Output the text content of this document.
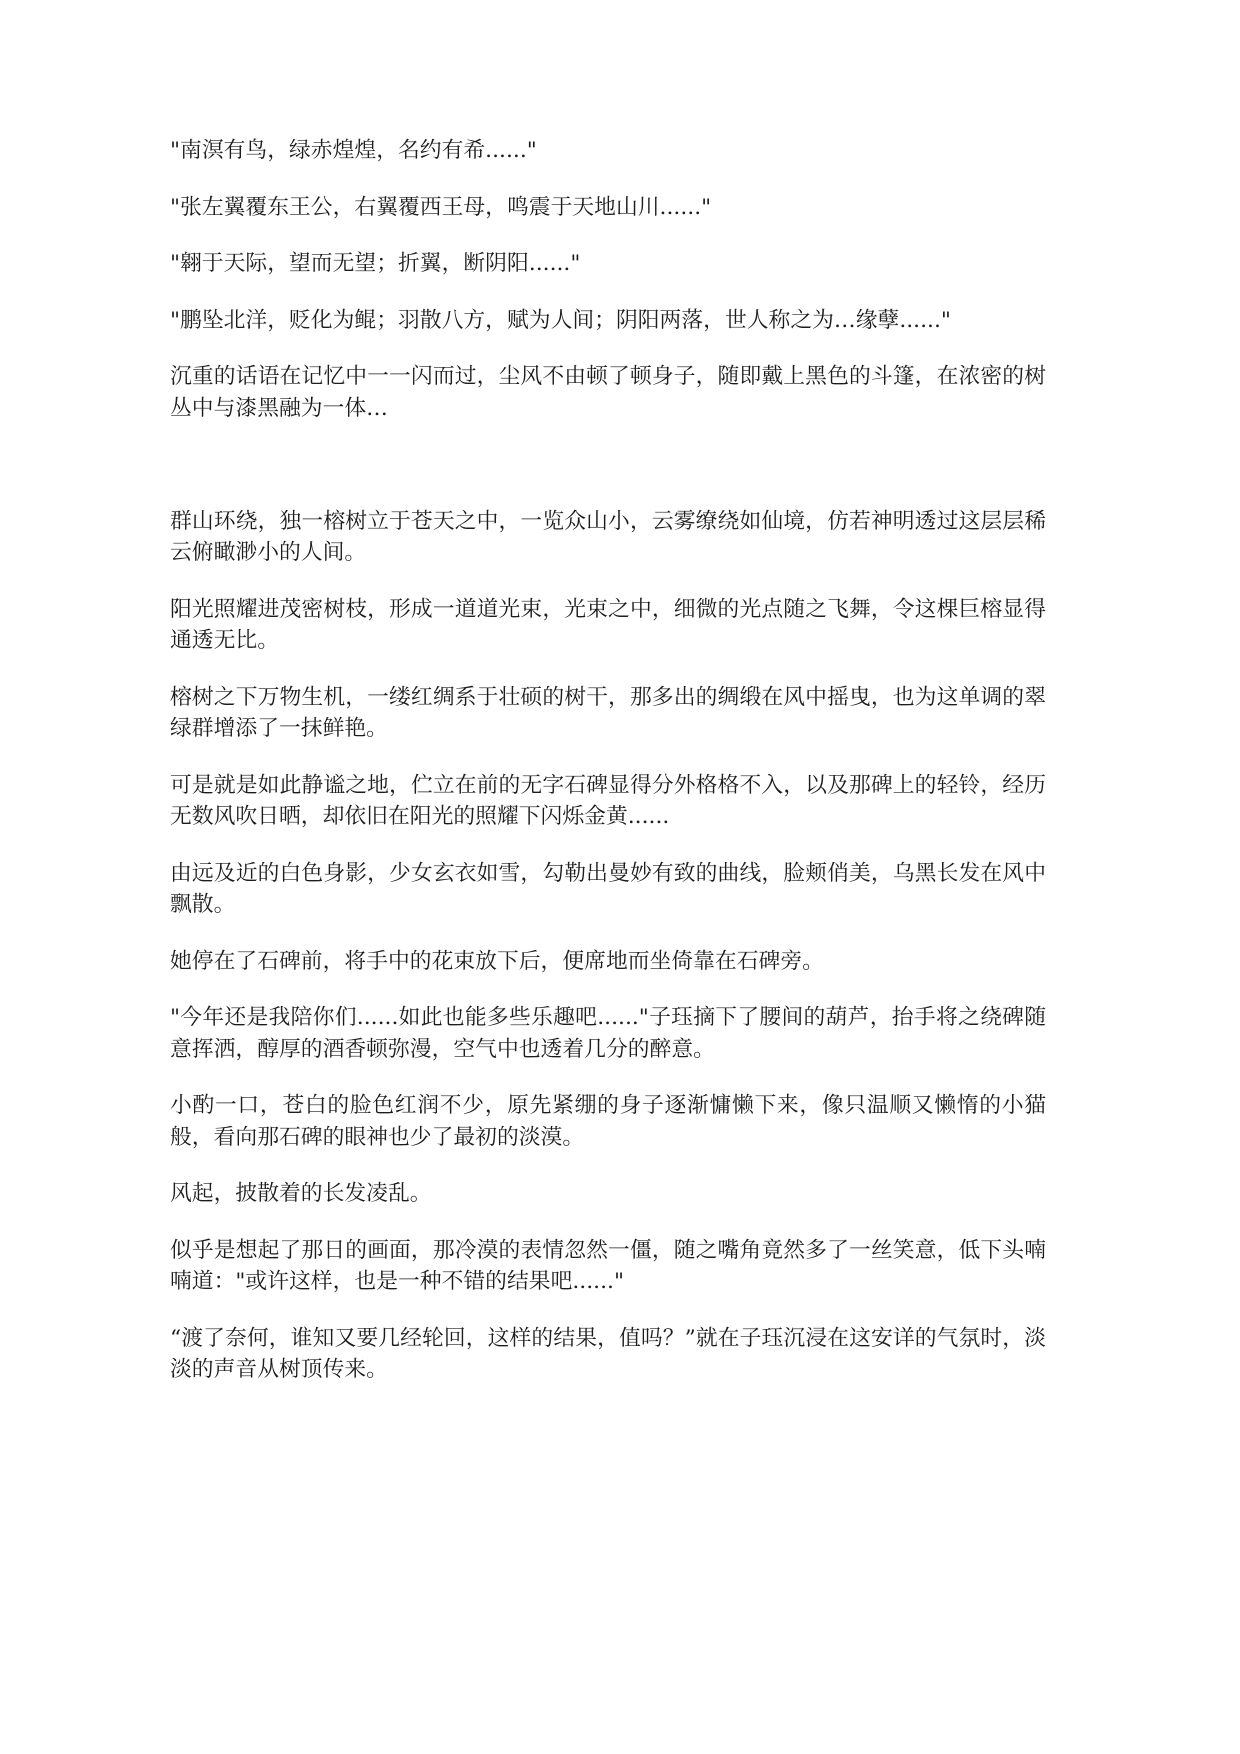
"南溟有鸟，绿赤煌煌，名约有希......"

"张左翼覆东王公，右翼覆西王母，鸣震于天地山川......"

"翱于天际，望而无望；折翼，断阴阳......"

"鹏坠北洋，贬化为鲲；羽散八方，赋为人间；阴阳两落，世人称之为…缘孽......"

沉重的话语在记忆中一一闪而过，尘风不由顿了顿身子，随即戴上黑色的斗篷，在浓密的树丛中与漆黑融为一体…

群山环绕，独一榕树立于苍天之中，一览众山小，云雾缭绕如仙境，仿若神明透过这层层稀云俯瞰渺小的人间。

阳光照耀进茂密树枝，形成一道道光束，光束之中，细微的光点随之飞舞，令这棵巨榕显得通透无比。

榕树之下万物生机，一缕红绸系于壮硕的树干，那多出的绸缎在风中摇曳，也为这单调的翠绿群增添了一抹鲜艳。

可是就是如此静谧之地，伫立在前的无字石碑显得分外格格不入，以及那碑上的轻铃，经历无数风吹日晒，却依旧在阳光的照耀下闪烁金黄......

由远及近的白色身影，少女玄衣如雪，勾勒出曼妙有致的曲线，脸颊俏美，乌黑长发在风中飘散。

她停在了石碑前，将手中的花束放下后，便席地而坐倚靠在石碑旁。

"今年还是我陪你们......如此也能多些乐趣吧......"子珏摘下了腰间的葫芦，抬手将之绕碑随意挥洒，醇厚的酒香顿弥漫，空气中也透着几分的醉意。

小酌一口，苍白的脸色红润不少，原先紧绷的身子逐渐慵懒下来，像只温顺又懒惰的小猫般，看向那石碑的眼神也少了最初的淡漠。

风起，披散着的长发凌乱。

似乎是想起了那日的画面，那冷漠的表情忽然一僵，随之嘴角竟然多了一丝笑意，低下头喃喃道："或许这样，也是一种不错的结果吧......"

“渡了奈何，谁知又要几经轮回，这样的结果，值吗？”就在子珏沉浸在这安详的气氛时，淡淡的声音从树顶传来。
